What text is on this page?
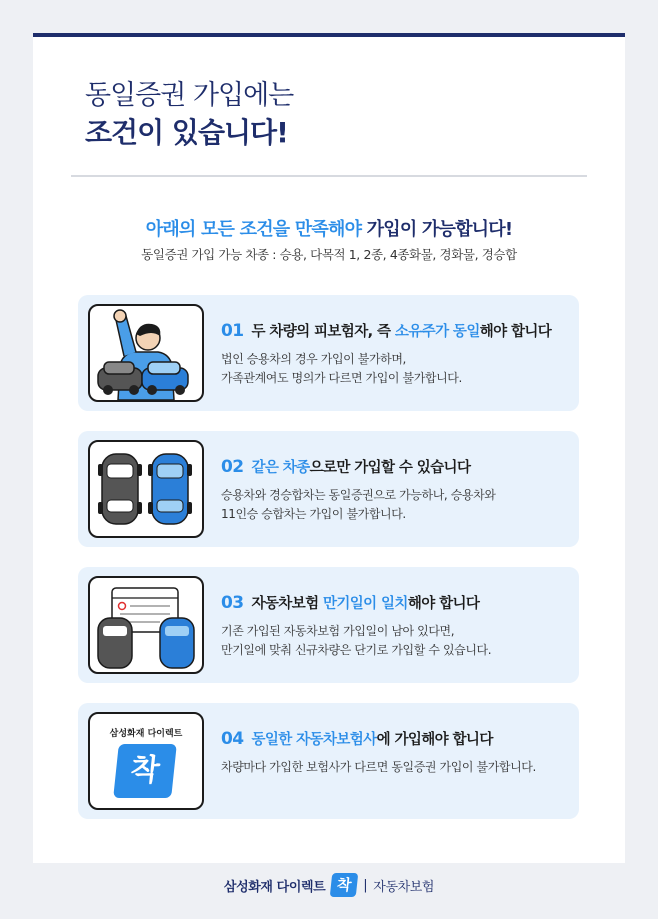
동일증권 가입에는
조건이 있습니다!
아래의 모든 조건을 만족해야 가입이 가능합니다!
동일증권 가입 가능 차종 : 승용, 다목적 1, 2종, 4종화물, 경화물, 경승합
01 두 차량의 피보험자, 즉 소유주가 동일해야 합니다
법인 승용차의 경우 가입이 불가하며,
가족관계여도 명의가 다르면 가입이 불가합니다.
02 같은 차종으로만 가입할 수 있습니다
승용차와 경승합차는 동일증권으로 가능하나, 승용차와
11인승 승합차는 가입이 불가합니다.
03 자동차보험 만기일이 일치해야 합니다
기존 가입된 자동차보험 가입일이 남아 있다면,
만기일에 맞춰 신규차량은 단기로 가입할 수 있습니다.
삼성화재 다이렉트
착
04 동일한 자동차보험사에 가입해야 합니다
차량마다 가입한 보험사가 다르면 동일증권 가입이 불가합니다.
삼성화재 다이렉트 착 | 자동차보험
